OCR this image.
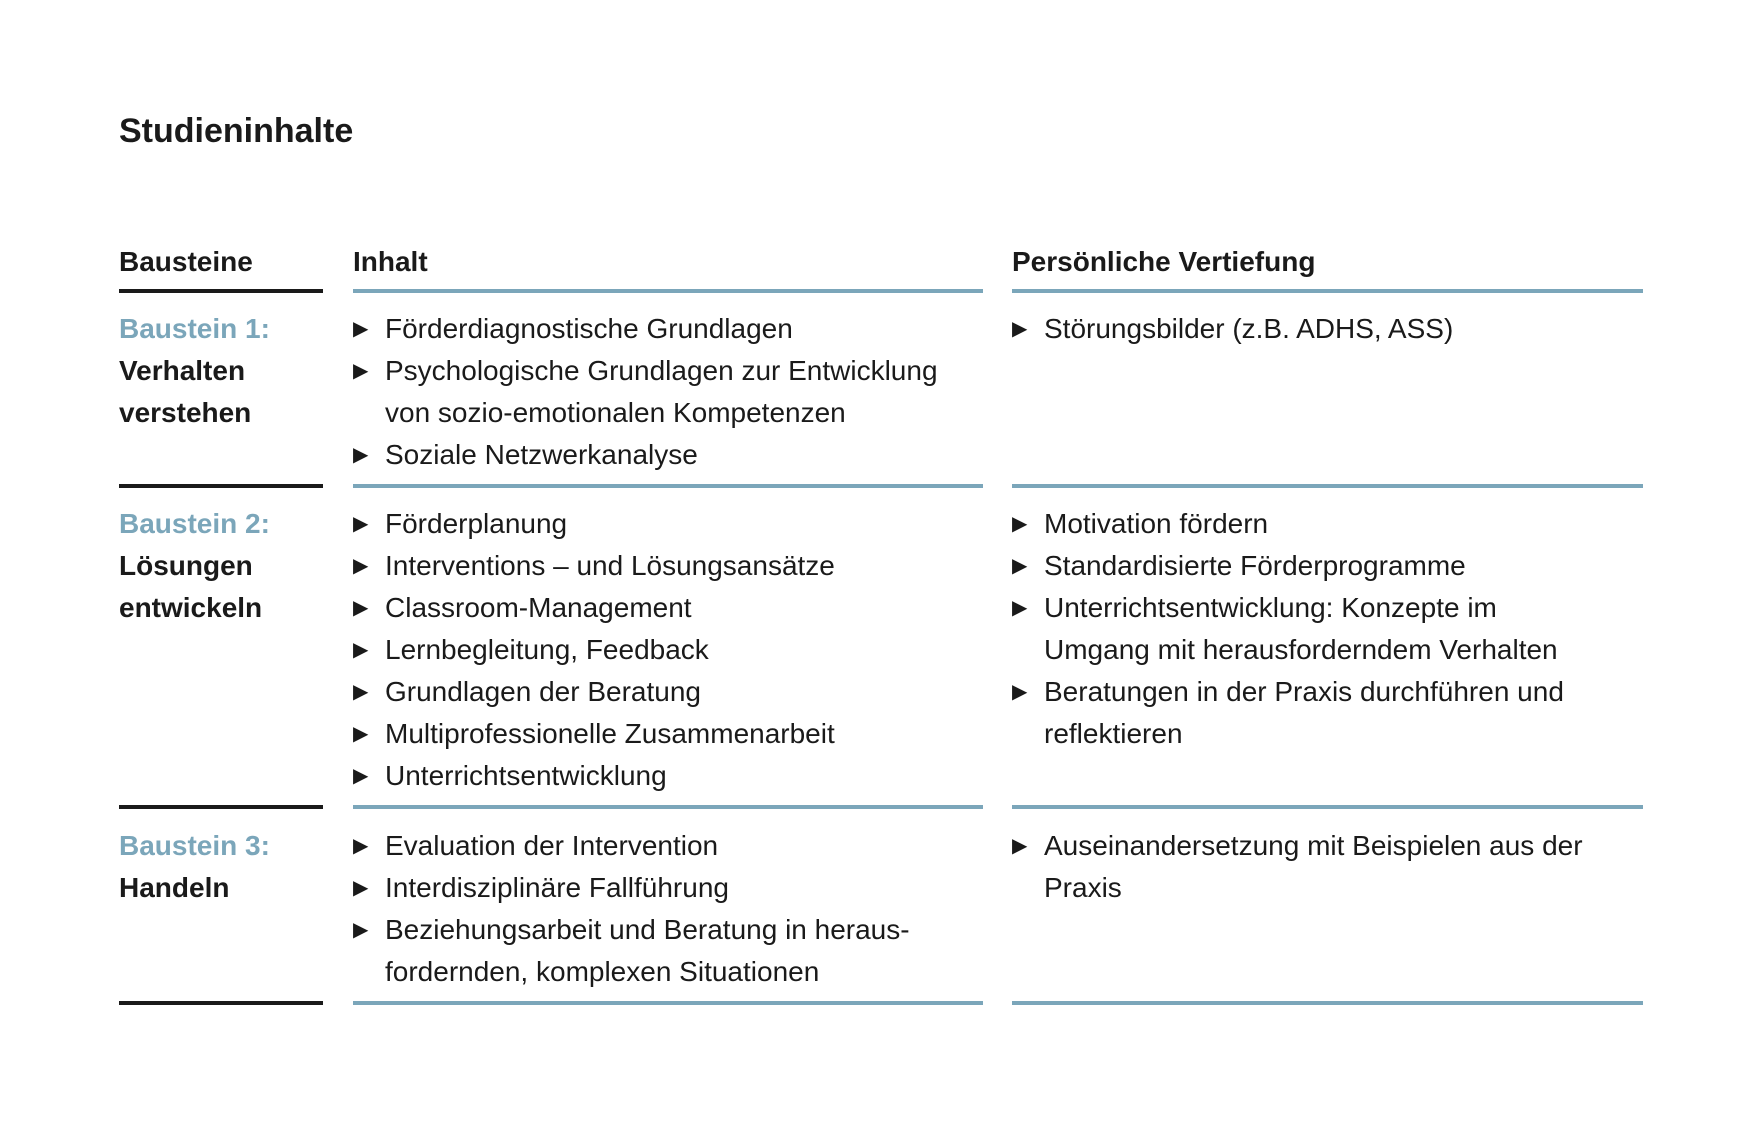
Studieninhalte
Bausteine	Inhalt	Persönliche Vertiefung
Baustein 1:
Verhalten
verstehen
▶ Förderdiagnostische Grundlagen
▶ Psychologische Grundlagen zur Entwicklung
von sozio-emotionalen Kompetenzen
▶ Soziale Netzwerkanalyse
▶ Störungsbilder (z.B. ADHS, ASS)
Baustein 2:
Lösungen
entwickeln
▶ Förderplanung
▶ Interventions – und Lösungsansätze
▶ Classroom-Management
▶ Lernbegleitung, Feedback
▶ Grundlagen der Beratung
▶ Multiprofessionelle Zusammenarbeit
▶ Unterrichtsentwicklung
▶ Motivation fördern
▶ Standardisierte Förderprogramme
▶ Unterrichtsentwicklung: Konzepte im
Umgang mit herausforderndem Verhalten
▶ Beratungen in der Praxis durchführen und
reflektieren
Baustein 3:
Handeln
▶ Evaluation der Intervention
▶ Interdisziplinäre Fallführung
▶ Beziehungsarbeit und Beratung in heraus-
fordernden, komplexen Situationen
▶ Auseinandersetzung mit Beispielen aus der
Praxis
